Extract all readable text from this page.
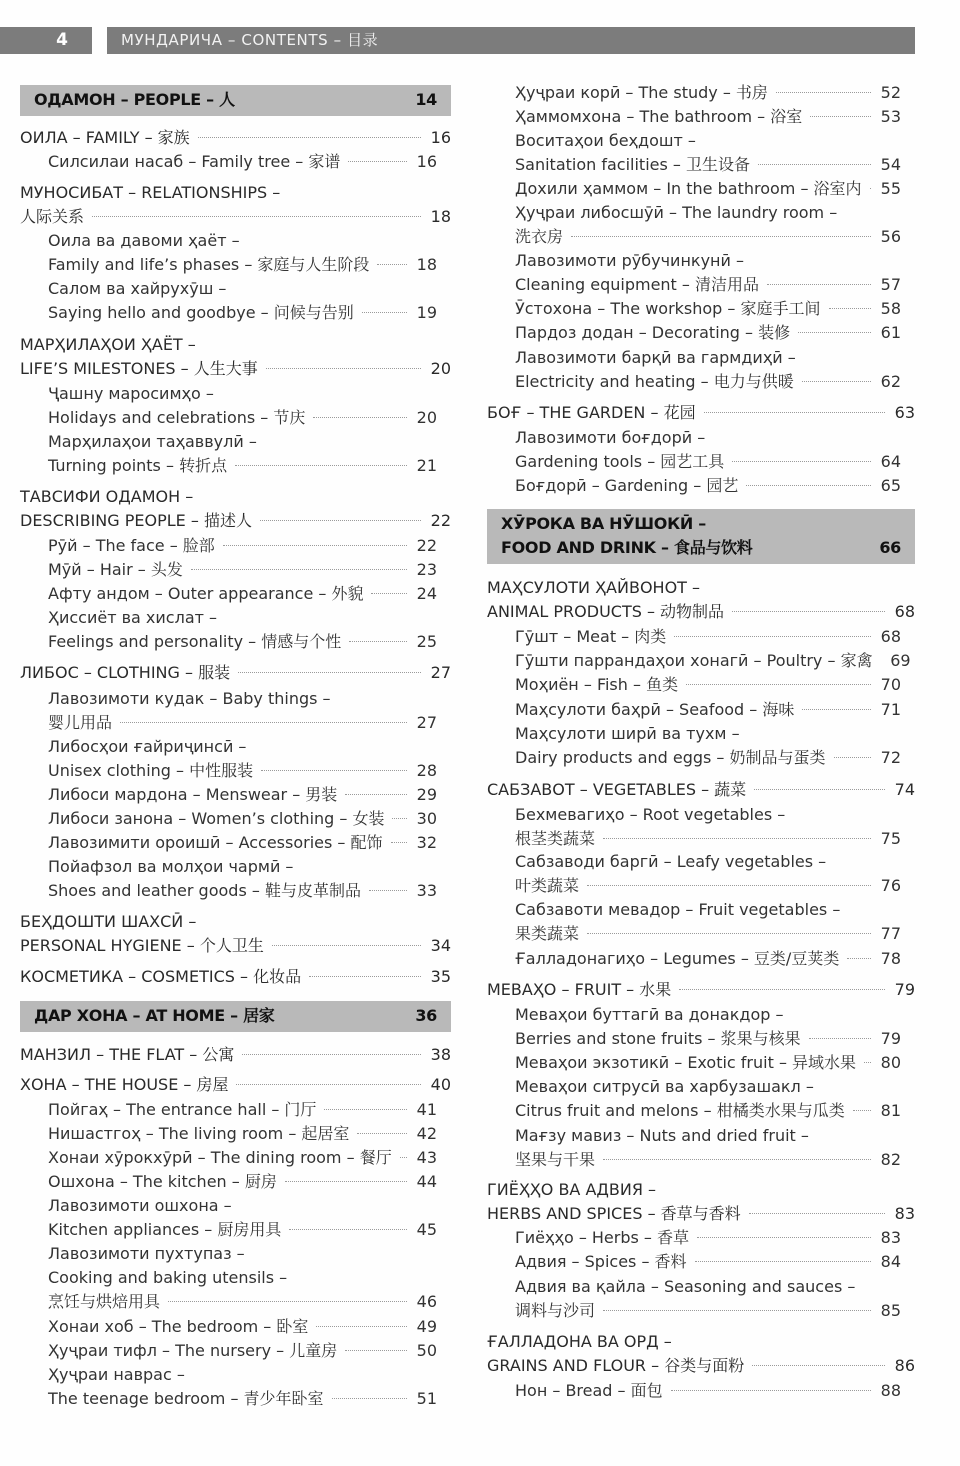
4	МУНДАРИЧА – CONTENTS – 目录
ОДАМОН – PEOPLE – 人	14
ОИЛА – FAMILY – 家族	16
Силсилаи насаб – Family tree – 家谱	16
МУНОСИБАТ – RELATIONSHIPS –
人际关系	18
Оила ва давоми ҳаёт –
Family and life’s phases – 家庭与人生阶段	18
Салом ва хайрухӯш –
Saying hello and goodbye – 问候与告别	19
МАРҲИЛАҲОИ ҲАЁТ –
LIFE’S MILESTONES – 人生大事	20
Ҷашну маросимҳо –
Holidays and celebrations – 节庆	20
Марҳилаҳои таҳаввулӣ –
Turning points – 转折点	21
ТАВСИФИ ОДАМОН –
DESCRIBING PEOPLE – 描述人	22
Рӯй – The face – 脸部	22
Мӯй – Hair – 头发	23
Афту андом – Outer appearance – 外貌	24
Ҳиссиёт ва хислат –
Feelings and personality – 情感与个性	25
ЛИБОС – CLOTHING – 服装	27
Лавозимоти кудак – Baby things –
婴儿用品	27
Либосҳои ғайриҷинсӣ –
Unisex clothing – 中性服装	28
Либоси мардона – Menswear – 男装	29
Либоси занона – Women’s clothing – 女装 30
Лавозимити ороишӣ – Accessories – 配饰 32
Пойафзол ва молҳои чармӣ –
Shoes and leather goods – 鞋与皮革制品	33
БЕҲДОШТИ ШАХСӢ –
PERSONAL HYGIENE – 个人卫生	34
КОСМЕТИКА – COSMETICS – 化妆品	35
ДАР ХОНА – AT HOME – 居家	36
МАНЗИЛ – THE FLAT – 公寓	38
ХОНА – THE HOUSE – 房屋	40
Пойгаҳ – The entrance hall – 门厅	41
Нишастгоҳ – The living room – 起居室	42
Хонаи хӯрокхӯрӣ – The dining room – 餐厅 43
Ошхона – The kitchen – 厨房	44
Лавозимоти ошхона –
Kitchen appliances – 厨房用具	45
Лавозимоти пухтупаз –
Cooking and baking utensils –
烹饪与烘焙用具	46
Хонаи хоб – The bedroom – 卧室	49
Ҳуҷраи тифл – The nursery – 儿童房	50
Ҳуҷраи наврас –
The teenage bedroom – 青少年卧室	51
Ҳуҷраи корӣ – The study – 书房	52
Ҳаммомхона – The bathroom – 浴室	53
Воситаҳои беҳдошт –
Sanitation facilities – 卫生设备	54
Дохили ҳаммом – In the bathroom – 浴室内 55
Ҳуҷраи либосшӯӣ – The laundry room –
洗衣房	56
Лавозимоти рӯбучинкунӣ –
Cleaning equipment – 清洁用品	57
Ӯстохона – The workshop – 家庭手工间	58
Пардоз додан – Decorating – 装修	61
Лавозимоти барқӣ ва гармдиҳӣ –
Electricity and heating – 电力与供暖	62
БОҒ – THE GARDEN – 花园	63
Лавозимоти боғдорӣ –
Gardening tools – 园艺工具	64
Боғдорӣ – Gardening – 园艺	65
ХӮРОКА ВА НӮШОКӢ –
FOOD AND DRINK – 食品与饮料	66
МАҲСУЛОТИ ҲАЙВОНОТ –
ANIMAL PRODUCTS – 动物制品	68
Гӯшт – Meat – 肉类	68
Гӯшти паррандаҳои хонагӣ – Poultry – 家禽 69
Моҳиён – Fish – 鱼类	70
Маҳсулоти баҳрӣ – Seafood – 海味	71
Маҳсулоти ширӣ ва тухм –
Dairy products and eggs – 奶制品与蛋类	72
САБЗАВОТ – VEGETABLES – 蔬菜	74
Бехмевагиҳо – Root vegetables –
根茎类蔬菜	75
Сабзаводи баргӣ – Leafy vegetables –
叶类蔬菜	76
Сабзавоти мевадор – Fruit vegetables –
果类蔬菜	77
Ғалладонагиҳо – Legumes – 豆类/豆荚类	78
МЕВАҲО – FRUIT – 水果	79
Меваҳои буттагӣ ва донакдор –
Berries and stone fruits – 浆果与核果	79
Меваҳои экзотикӣ – Exotic fruit – 异域水果 80
Меваҳои ситрусӣ ва харбузашакл –
Citrus fruit and melons – 柑橘类水果与瓜类 81
Мағзу мавиз – Nuts and dried fruit –
坚果与干果	82
ГИЁҲҲО ВА АДВИЯ –
HERBS AND SPICES – 香草与香料	83
Гиёҳҳо – Herbs – 香草	83
Адвия – Spices – 香料	84
Адвия ва қайла – Seasoning and sauces –
调料与沙司	85
ҒАЛЛАДОНА ВА ОРД –
GRAINS AND FLOUR – 谷类与面粉	86
Нон – Bread – 面包	88
